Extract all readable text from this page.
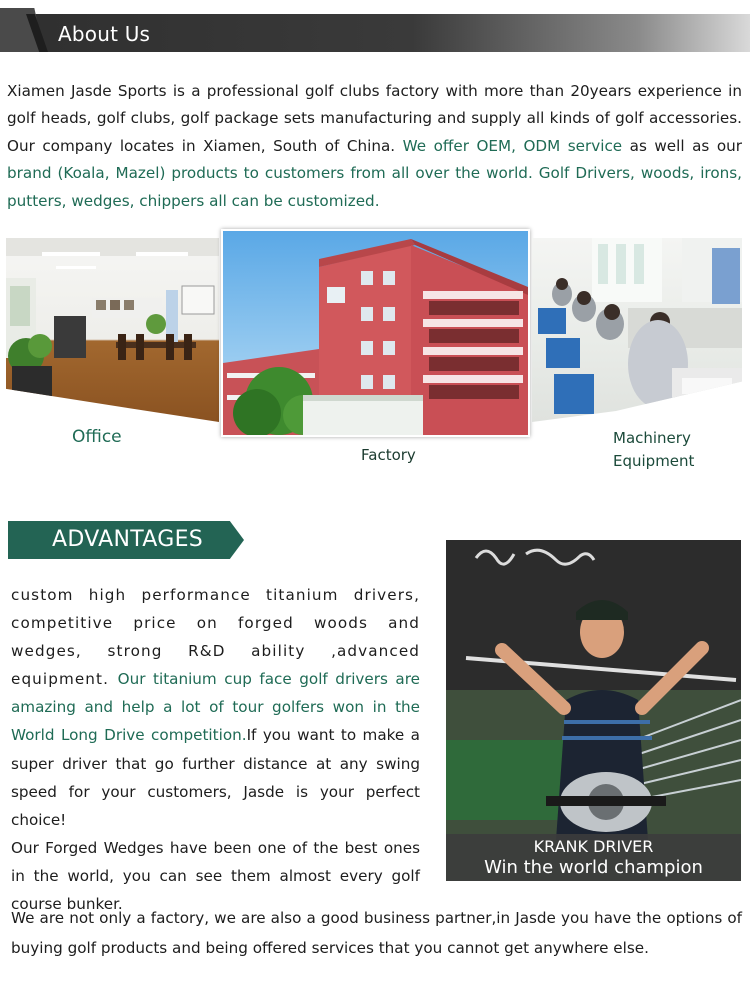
About Us
Xiamen Jasde Sports is a professional golf clubs factory with more than 20years experience in golf heads, golf clubs, golf package sets manufacturing and supply all kinds of golf accessories. Our company locates in Xiamen, South of China. We offer OEM, ODM service as well as our brand (Koala, Mazel) products to customers from all over the world. Golf Drivers, woods, irons, putters, wedges, chippers all can be customized.
Office
Factory
Machinery Equipment
ADVANTAGES
custom high performance titanium drivers, competitive price on forged woods and wedges, strong R&D ability ,advanced equipment. Our titanium cup face golf drivers are amazing and help a lot of tour golfers won in the World Long Drive competition.If you want to make a super driver that go further distance at any swing speed for your customers, Jasde is your perfect choice!
Our Forged Wedges have been one of the best ones in the world, you can see them almost every golf course bunker.
KRANK DRIVER
Win the world champion
We are not only a factory, we are also a good business partner,in Jasde you have the options of buying golf products and being offered services that you cannot get anywhere else.
